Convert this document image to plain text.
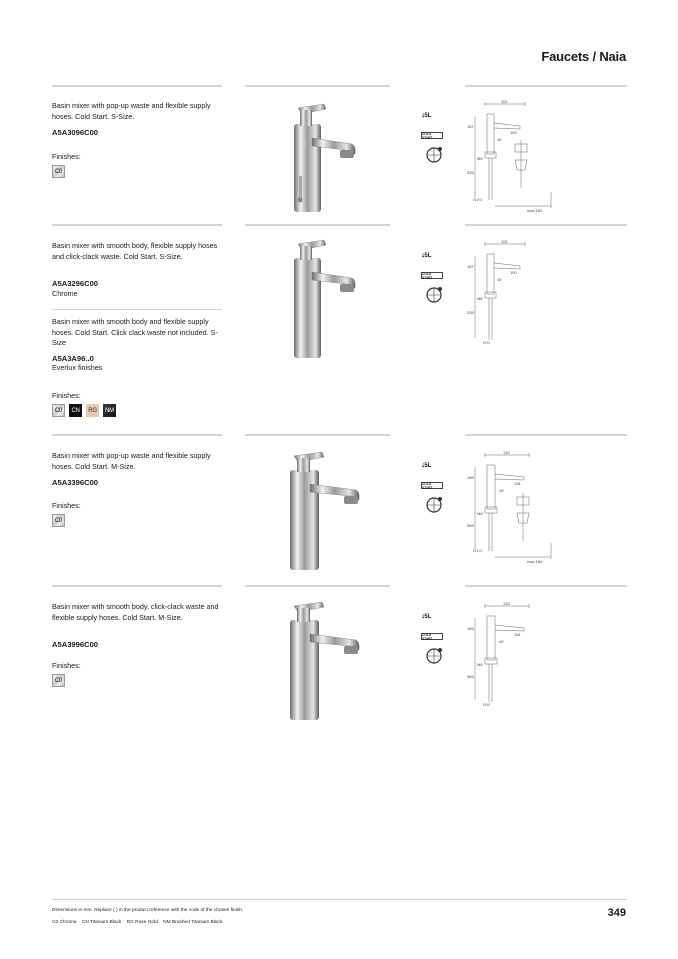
Faucets / Naia
Basin mixer with pop-up waste and flexible supply hoses. Cold Start. S-Size.
A5A3096C00
Finishes:
C0
💧︎5L
COLD START
113
167
100
49
M8
335
G1¼"
max.160
Basin mixer with smooth body, flexible supply hoses and click-clack waste. Cold Start. S-Size.
A5A3296C00
Chrome
Basin mixer with smooth body and flexible supply hoses. Cold Start. Click clack waste not included. S-Size
A5A3A96..0
Everlux finishes
Finishes:
C0	CN	RG	NM
💧︎5L
COLD START
113
167
100
49
M8
335
G⅜"
Basin mixer with pop-up waste and flexible supply hoses. Cold Start. M-Size.
A5A3396C00
Finishes:
C0
💧︎5L
COLD START
132
185
118
49
M8
365
G1¼"
max.160
Basin mixer with smooth body, click-clack waste and flexible supply hoses. Cold Start. M-Size.
A5A3996C00
Finishes:
C0
💧︎5L
COLD START
132
185
118
49
M8
365
G⅜"
Dimensions in mm. Replace (.) in the product reference with the code of the chosen finish.
C0 Chrome    CN Titanium Black    RG Rose Gold    NM Brushed Titanium Black
349
